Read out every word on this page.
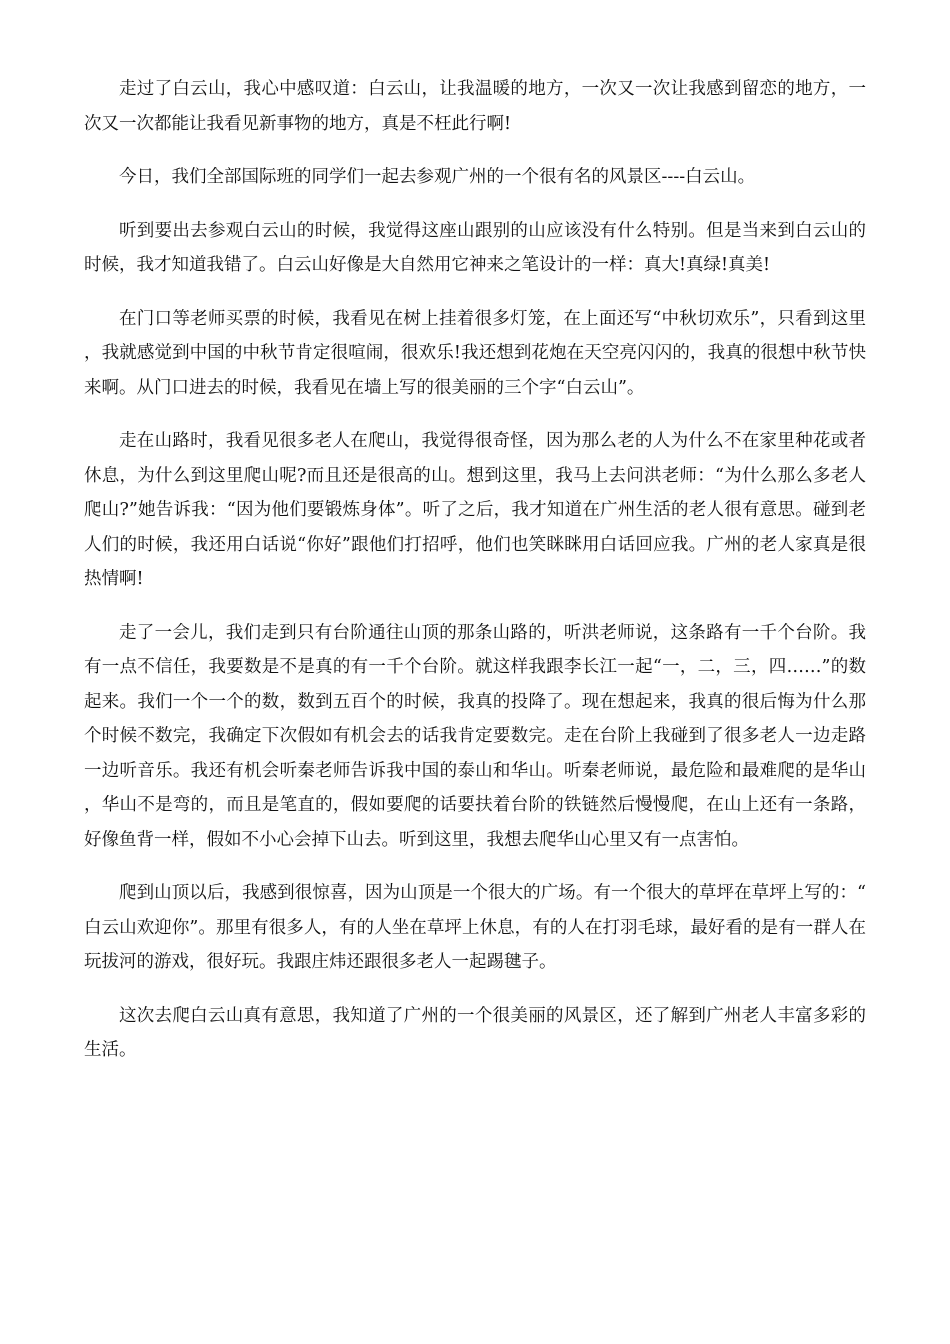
走过了白云山，我心中感叹道：白云山，让我温暖的地方，一次又一次让我感到留恋的地方，一次又一次都能让我看见新事物的地方，真是不枉此行啊!

今日，我们全部国际班的同学们一起去参观广州的一个很有名的风景区----白云山。

听到要出去参观白云山的时候，我觉得这座山跟别的山应该没有什么特别。但是当来到白云山的时候，我才知道我错了。白云山好像是大自然用它神来之笔设计的一样：真大!真绿!真美!

在门口等老师买票的时候，我看见在树上挂着很多灯笼，在上面还写“中秋切欢乐”，只看到这里，我就感觉到中国的中秋节肯定很喧闹，很欢乐!我还想到花炮在天空亮闪闪的，我真的很想中秋节快来啊。从门口进去的时候，我看见在墙上写的很美丽的三个字“白云山”。

走在山路时，我看见很多老人在爬山，我觉得很奇怪，因为那么老的人为什么不在家里种花或者休息，为什么到这里爬山呢?而且还是很高的山。想到这里，我马上去问洪老师：“为什么那么多老人爬山?”她告诉我：“因为他们要锻炼身体”。听了之后，我才知道在广州生活的老人很有意思。碰到老人们的时候，我还用白话说“你好”跟他们打招呼，他们也笑眯眯用白话回应我。广州的老人家真是很热情啊!

走了一会儿，我们走到只有台阶通往山顶的那条山路的，听洪老师说，这条路有一千个台阶。我有一点不信任，我要数是不是真的有一千个台阶。就这样我跟李长江一起“一，二，三，四……”的数起来。我们一个一个的数，数到五百个的时候，我真的投降了。现在想起来，我真的很后悔为什么那个时候不数完，我确定下次假如有机会去的话我肯定要数完。走在台阶上我碰到了很多老人一边走路一边听音乐。我还有机会听秦老师告诉我中国的泰山和华山。听秦老师说，最危险和最难爬的是华山，华山不是弯的，而且是笔直的，假如要爬的话要扶着台阶的铁链然后慢慢爬，在山上还有一条路，好像鱼背一样，假如不小心会掉下山去。听到这里，我想去爬华山心里又有一点害怕。

爬到山顶以后，我感到很惊喜，因为山顶是一个很大的广场。有一个很大的草坪在草坪上写的：“白云山欢迎你”。那里有很多人，有的人坐在草坪上休息，有的人在打羽毛球，最好看的是有一群人在玩拔河的游戏，很好玩。我跟庄炜还跟很多老人一起踢毽子。

这次去爬白云山真有意思，我知道了广州的一个很美丽的风景区，还了解到广州老人丰富多彩的生活。
